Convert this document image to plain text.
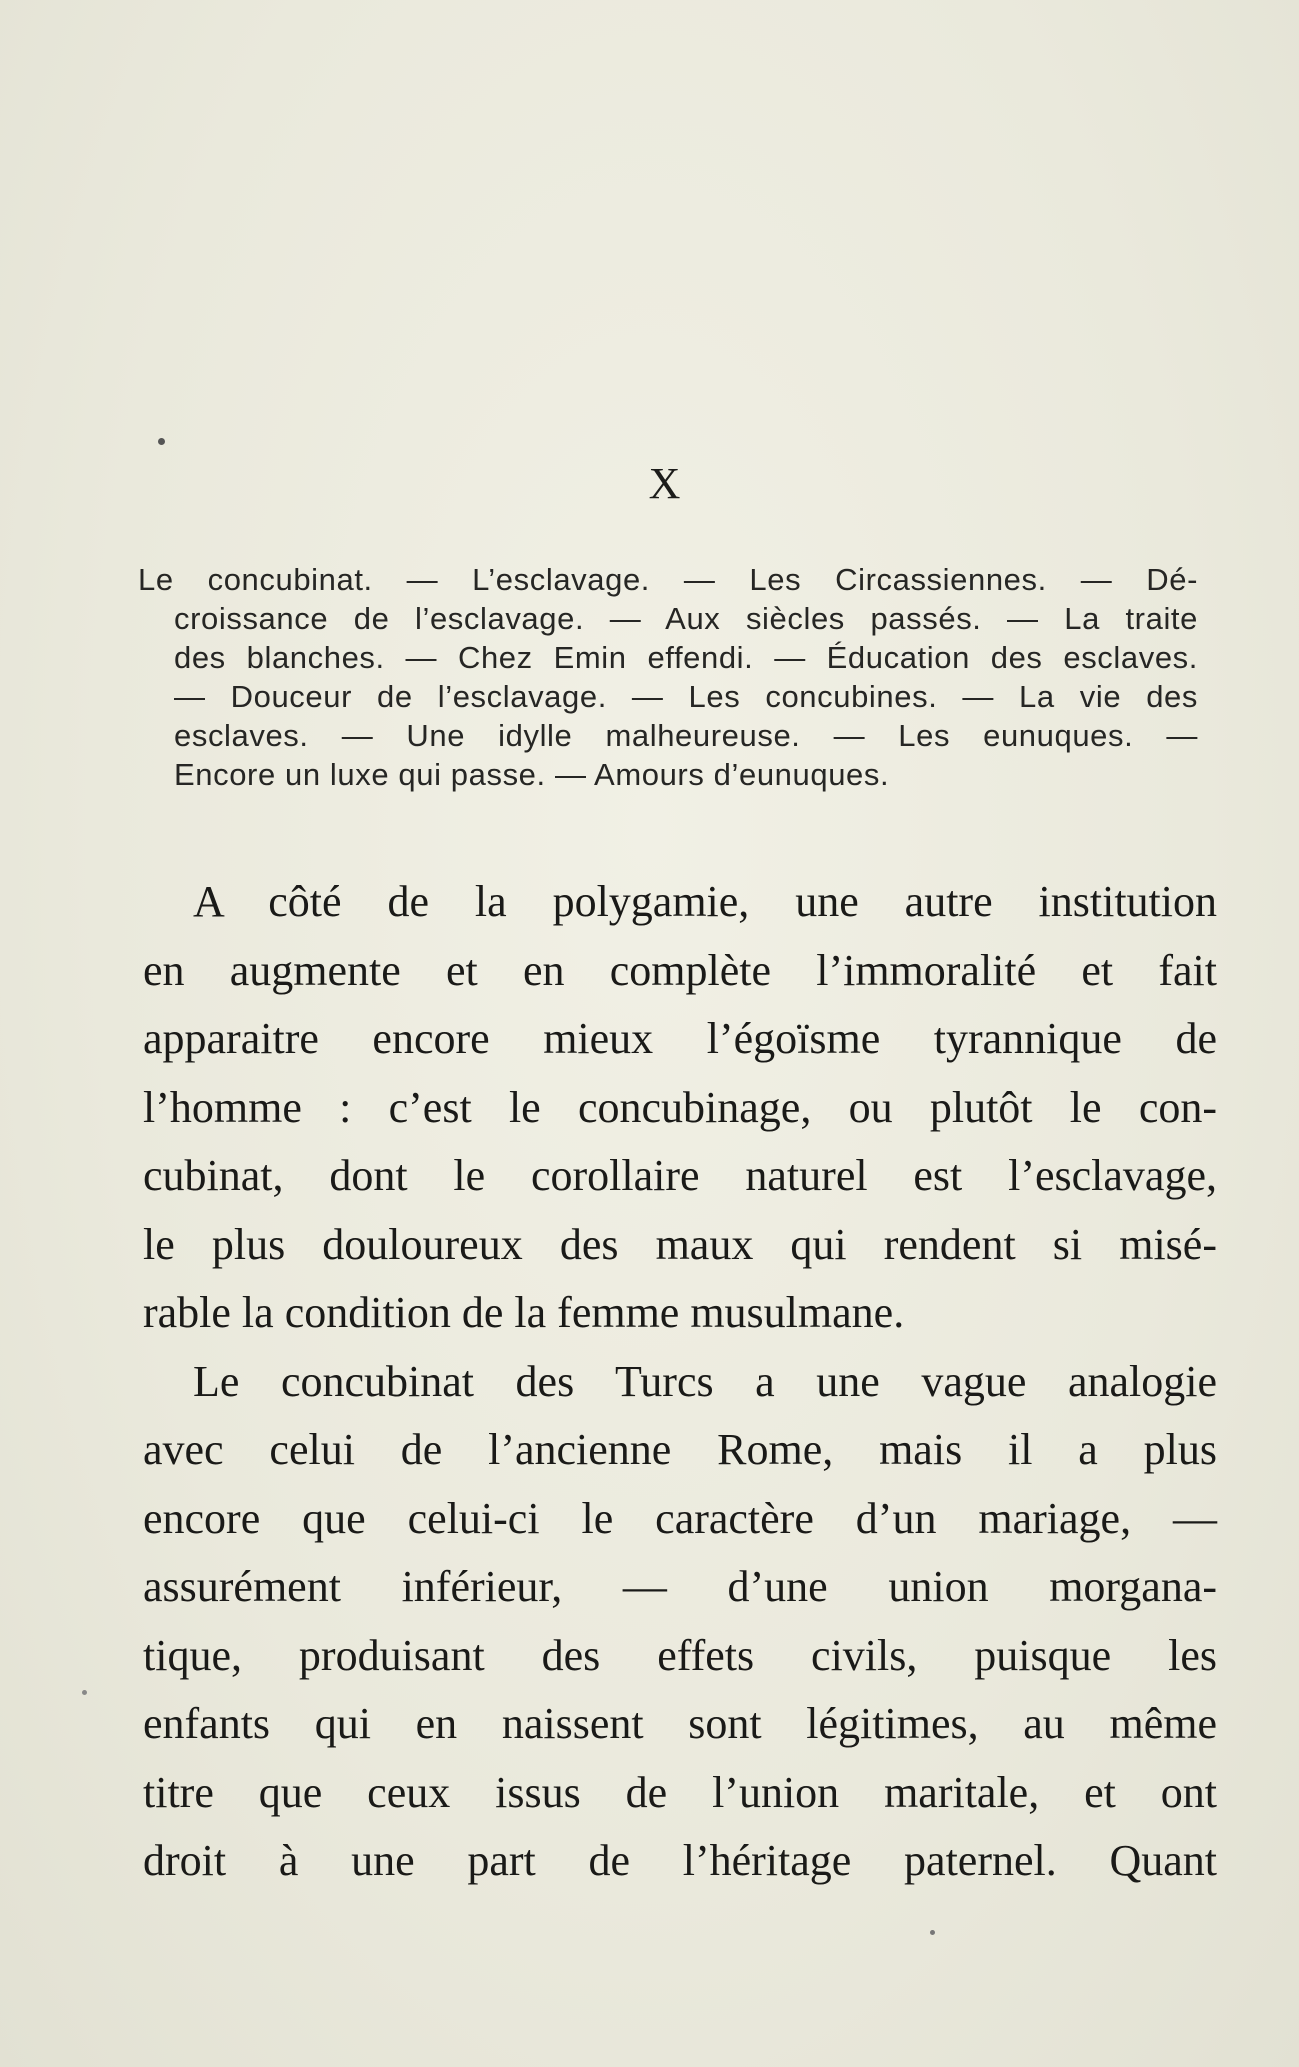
X
Le concubinat. — L’esclavage. — Les Circassiennes. — Dé-
croissance de l’esclavage. — Aux siècles passés. — La traite
des blanches. — Chez Emin effendi. — Éducation des esclaves.
— Douceur de l’esclavage. — Les concubines. — La vie des
esclaves. — Une idylle malheureuse. — Les eunuques. —
Encore un luxe qui passe. — Amours d’eunuques.

A côté de la polygamie, une autre institution
en augmente et en complète l’immoralité et fait
apparaitre encore mieux l’égoïsme tyrannique de
l’homme : c’est le concubinage, ou plutôt le con-
cubinat, dont le corollaire naturel est l’esclavage,
le plus douloureux des maux qui rendent si misé-
rable la condition de la femme musulmane.

Le concubinat des Turcs a une vague analogie
avec celui de l’ancienne Rome, mais il a plus
encore que celui-ci le caractère d’un mariage, —
assurément inférieur, — d’une union morgana-
tique, produisant des effets civils, puisque les
enfants qui en naissent sont légitimes, au même
titre que ceux issus de l’union maritale, et ont
droit à une part de l’héritage paternel. Quant
